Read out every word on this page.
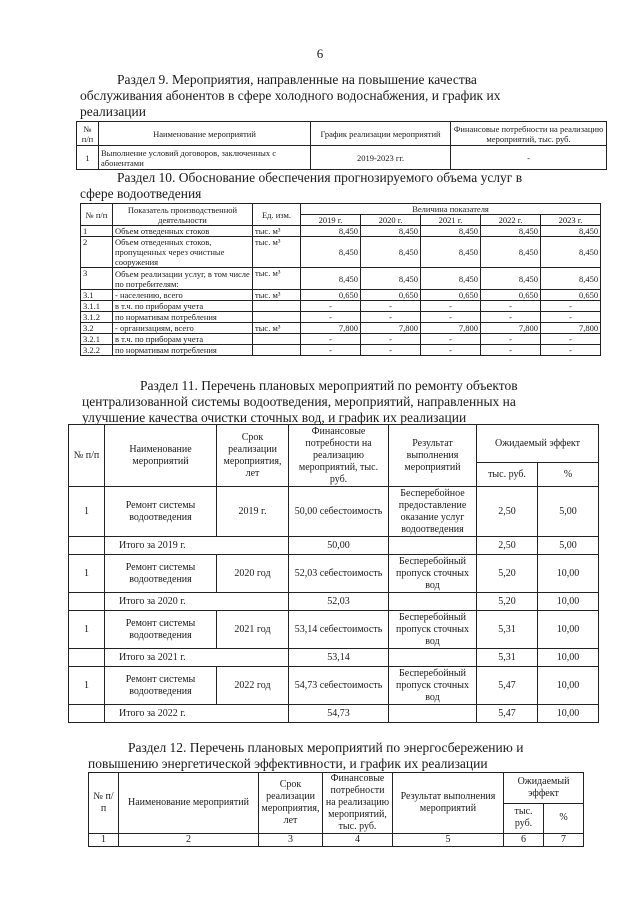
6
Раздел 9. Мероприятия, направленные на повышение качества
обслуживания абонентов в сфере холодного водоснабжения, и график их
реализации
№ п/п	Наименование мероприятий	График реализации мероприятий	Финансовые потребности на реализацию мероприятий, тыс. руб.
1	Выполнение условий договоров, заключенных с абонентами	2019-2023 гг.	-
Раздел 10. Обоснование обеспечения прогнозируемого объема услуг в
сфере водоотведения
№ п/п	Показатель производственной деятельности	Ед. изм.	Величина показателя				
			2019 г.	2020 г.	2021 г.	2022 г.	2023 г.
1	Объем отведенных стоков	тыс. м³	8,450	8,450	8,450	8,450	8,450
2	Объем отведенных стоков, пропущенных через очистные сооружения	тыс. м³	8,450	8,450	8,450	8,450	8,450
3	Объем реализации услуг, в том числе по потребителям:	тыс. м³	8,450	8,450	8,450	8,450	8,450
3.1	- населению, всего	тыс. м³	0,650	0,650	0,650	0,650	0,650
3.1.1	в т.ч. по приборам учета		-	-	-	-	-
3.1.2	по нормативам потребления		-	-	-	-	-
3.2	- организациям, всего	тыс. м³	7,800	7,800	7,800	7,800	7,800
3.2.1	в т.ч. по приборам учета		-	-	-	-	-
3.2.2	по нормативам потребления		-	-	-	-	-
Раздел 11. Перечень плановых мероприятий по ремонту объектов
централизованной системы водоотведения, мероприятий, направленных на
улучшение качества очистки сточных вод, и график их реализации
№ п/п	Наименование мероприятий	Срок реализации мероприятия, лет	Финансовые потребности на реализацию мероприятий, тыс. руб.	Результат выполнения мероприятий	Ожидаемый эффект	
					тыс. руб.	%
1	Ремонт системы водоотведения	2019 г.	50,00 себестоимость	Бесперебойное предоставление оказание услуг водоотведения	2,50	5,00
	Итого за 2019 г.		50,00		2,50	5,00
1	Ремонт системы водоотведения	2020 год	52,03 себестоимость	Бесперебойный пропуск сточных вод	5,20	10,00
	Итого за 2020 г.		52,03		5,20	10,00
1	Ремонт системы водоотведения	2021 год	53,14 себестоимость	Бесперебойный пропуск сточных вод	5,31	10,00
	Итого за 2021 г.		53,14		5,31	10,00
1	Ремонт системы водоотведения	2022 год	54,73 себестоимость	Бесперебойный пропуск сточных вод	5,47	10,00
	Итого за 2022 г.		54,73		5,47	10,00
Раздел 12. Перечень плановых мероприятий по энергосбережению и
повышению энергетической эффективности, и график их реализации
№ п/п	Наименование мероприятий	Срок реализации мероприятия, лет	Финансовые потребности на реализацию мероприятий, тыс. руб.	Результат выполнения мероприятий	Ожидаемый эффект	
					тыс. руб.	%
1	2	3	4	5	6	7
